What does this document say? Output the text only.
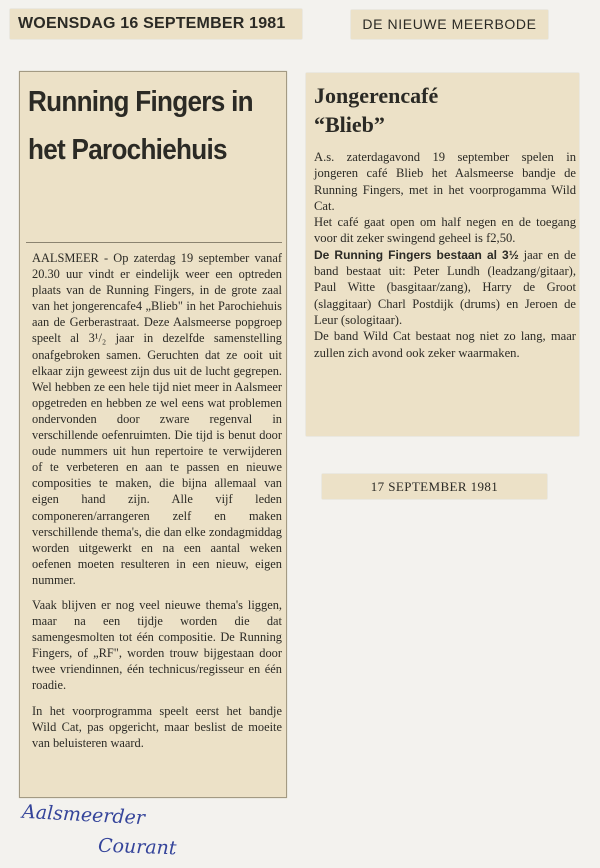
WOENSDAG 16 SEPTEMBER 1981	DE NIEUWE MEERBODE
Running Fingers in
het Parochiehuis

AALSMEER - Op zaterdag 19 september vanaf 20.30 uur vindt er eindelijk weer een optreden plaats van de Running Fingers, in de grote zaal van het jongerencafe4 „Blieb" in het Parochiehuis aan de Gerberastraat. Deze Aalsmeerse popgroep speelt al 3¹/₂ jaar in dezelfde samenstelling onafgebroken samen. Geruchten dat ze ooit uit elkaar zijn geweest zijn dus uit de lucht gegrepen. Wel hebben ze een hele tijd niet meer in Aalsmeer opgetreden en hebben ze wel eens wat problemen ondervonden door zware regenval in verschillende oefenruimten. Die tijd is benut door oude nummers uit hun repertoire te verwijderen of te verbeteren en aan te passen en nieuwe composities te maken, die bijna allemaal van eigen hand zijn. Alle vijf leden componeren/arrangeren zelf en maken verschillende thema's, die dan elke zondagmiddag worden uitgewerkt en na een aantal weken oefenen moeten resulteren in een nieuw, eigen nummer.

Vaak blijven er nog veel nieuwe thema's liggen, maar na een tijdje worden die dat samengesmolten tot één compositie. De Running Fingers, of „RF", worden trouw bijgestaan door twee vriendinnen, één technicus/regisseur en één roadie.

In het voorprogramma speelt eerst het bandje Wild Cat, pas opgericht, maar beslist de moeite van beluisteren waard.

Jongerencafé
“Blieb”

A.s. zaterdagavond 19 september spelen in jongeren café Blieb het Aalsmeerse bandje de Running Fingers, met in het voorprogamma Wild Cat.

Het café gaat open om half negen en de toegang voor dit zeker swingend geheel is f2,50.

De Running Fingers bestaan al 3½ jaar en de band bestaat uit: Peter Lundh (leadzang/gitaar), Paul Witte (basgitaar/zang), Harry de Groot (slaggitaar) Charl Postdijk (drums) en Jeroen de Leur (sologitaar).

De band Wild Cat bestaat nog niet zo lang, maar zullen zich avond ook zeker waarmaken.

17 SEPTEMBER 1981
Aalsmeerder
Courant
